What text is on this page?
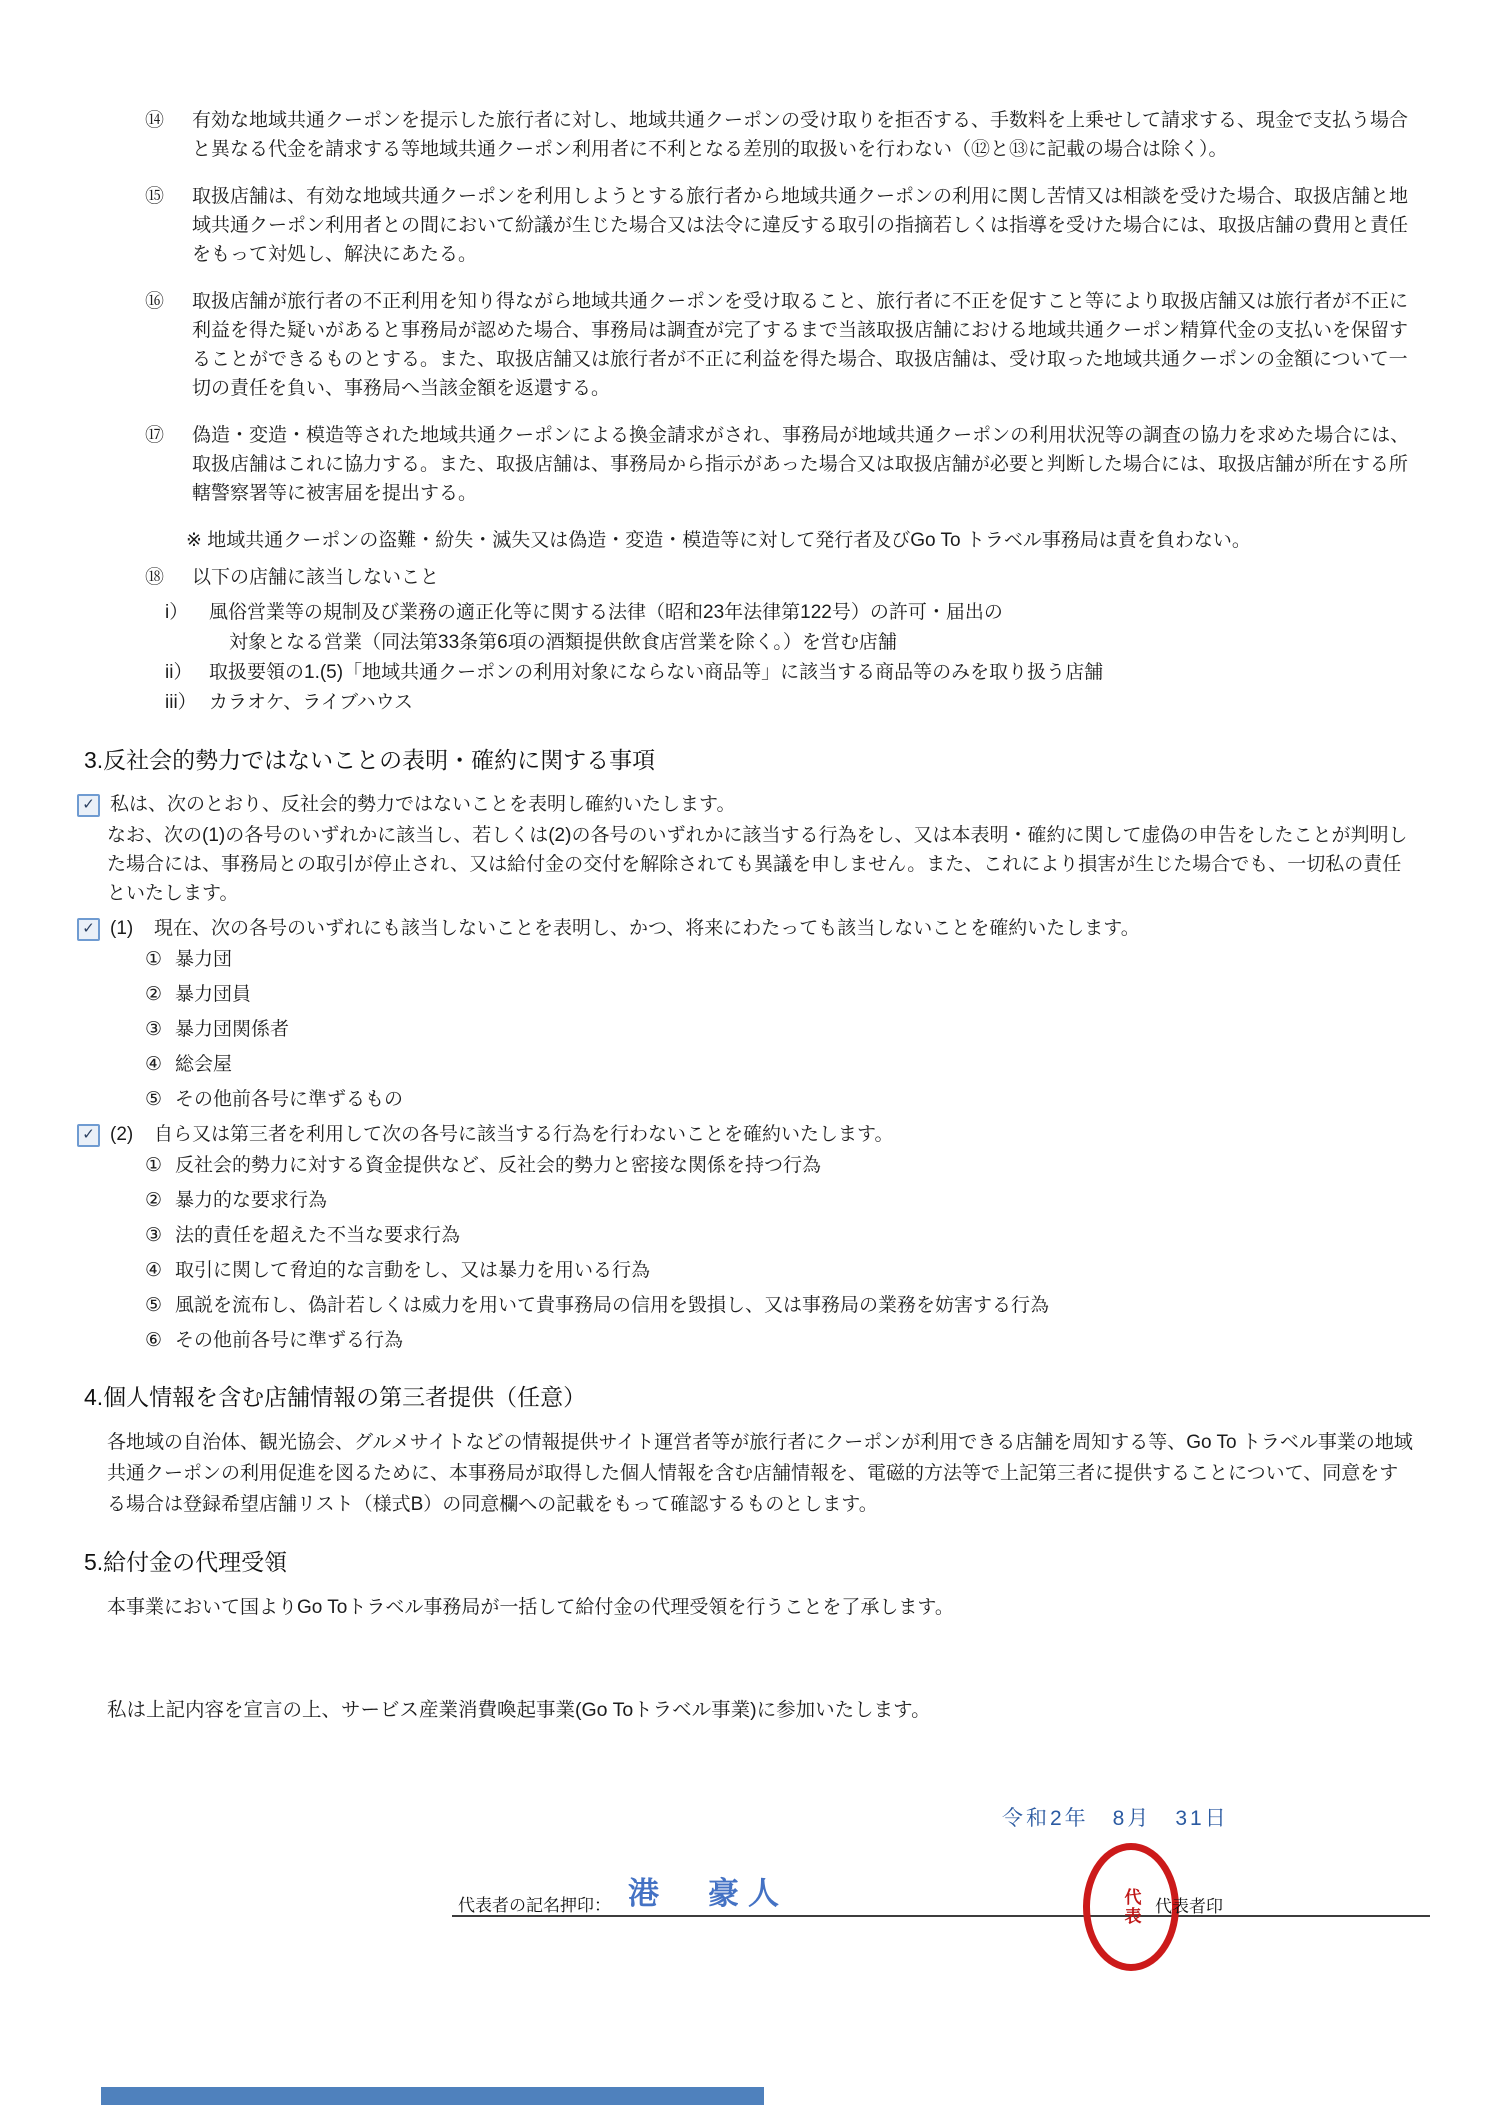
⑭	有効な地域共通クーポンを提示した旅行者に対し、地域共通クーポンの受け取りを拒否する、手数料を上乗せして請求する、現金で支払う場合と異なる代金を請求する等地域共通クーポン利用者に不利となる差別的取扱いを行わない（⑫と⑬に記載の場合は除く）。
⑮	取扱店舗は、有効な地域共通クーポンを利用しようとする旅行者から地域共通クーポンの利用に関し苦情又は相談を受けた場合、取扱店舗と地域共通クーポン利用者との間において紛議が生じた場合又は法令に違反する取引の指摘若しくは指導を受けた場合には、取扱店舗の費用と責任をもって対処し、解決にあたる。
⑯	取扱店舗が旅行者の不正利用を知り得ながら地域共通クーポンを受け取ること、旅行者に不正を促すこと等により取扱店舗又は旅行者が不正に利益を得た疑いがあると事務局が認めた場合、事務局は調査が完了するまで当該取扱店舗における地域共通クーポン精算代金の支払いを保留することができるものとする。また、取扱店舗又は旅行者が不正に利益を得た場合、取扱店舗は、受け取った地域共通クーポンの金額について一切の責任を負い、事務局へ当該金額を返還する。
⑰	偽造・変造・模造等された地域共通クーポンによる換金請求がされ、事務局が地域共通クーポンの利用状況等の調査の協力を求めた場合には、取扱店舗はこれに協力する。また、取扱店舗は、事務局から指示があった場合又は取扱店舗が必要と判断した場合には、取扱店舗が所在する所轄警察署等に被害届を提出する。
※ 地域共通クーポンの盗難・紛失・滅失又は偽造・変造・模造等に対して発行者及びGo To トラベル事務局は責を負わない。
⑱	以下の店舗に該当しないこと
i）	風俗営業等の規制及び業務の適正化等に関する法律（昭和23年法律第122号）の許可・届出の
対象となる営業（同法第33条第6項の酒類提供飲食店営業を除く。）を営む店舗
ii） 取扱要領の1.(5)「地域共通クーポンの利用対象にならない商品等」に該当する商品等のみを取り扱う店舗
iii） カラオケ、ライブハウス
3.反社会的勢力ではないことの表明・確約に関する事項
✓ 私は、次のとおり、反社会的勢力ではないことを表明し確約いたします。
なお、次の(1)の各号のいずれかに該当し、若しくは(2)の各号のいずれかに該当する行為をし、又は本表明・確約に関して虚偽の申告をしたことが判明した場合には、事務局との取引が停止され、又は給付金の交付を解除されても異議を申しません。また、これにより損害が生じた場合でも、一切私の責任といたします。
✓ (1)	現在、次の各号のいずれにも該当しないことを表明し、かつ、将来にわたっても該当しないことを確約いたします。
① 暴力団
② 暴力団員
③ 暴力団関係者
④ 総会屋
⑤ その他前各号に準ずるもの
✓ (2)	自ら又は第三者を利用して次の各号に該当する行為を行わないことを確約いたします。
① 反社会的勢力に対する資金提供など、反社会的勢力と密接な関係を持つ行為
② 暴力的な要求行為
③ 法的責任を超えた不当な要求行為
④ 取引に関して脅迫的な言動をし、又は暴力を用いる行為
⑤ 風説を流布し、偽計若しくは威力を用いて貴事務局の信用を毀損し、又は事務局の業務を妨害する行為
⑥ その他前各号に準ずる行為
4.個人情報を含む店舗情報の第三者提供（任意）
各地域の自治体、観光協会、グルメサイトなどの情報提供サイト運営者等が旅行者にクーポンが利用できる店舗を周知する等、Go To トラベル事業の地域共通クーポンの利用促進を図るために、本事務局が取得した個人情報を含む店舗情報を、電磁的方法等で上記第三者に提供することについて、同意をする場合は登録希望店舗リスト（様式B）の同意欄への記載をもって確認するものとします。
5.給付金の代理受領
本事業において国よりGo Toトラベル事務局が一括して給付金の代理受領を行うことを了承します。
私は上記内容を宣言の上、サービス産業消費喚起事業(Go Toトラベル事業)に参加いたします。
令和2年　8月　31日
代表者の記名押印： 港　豪人	代表 代表者印
